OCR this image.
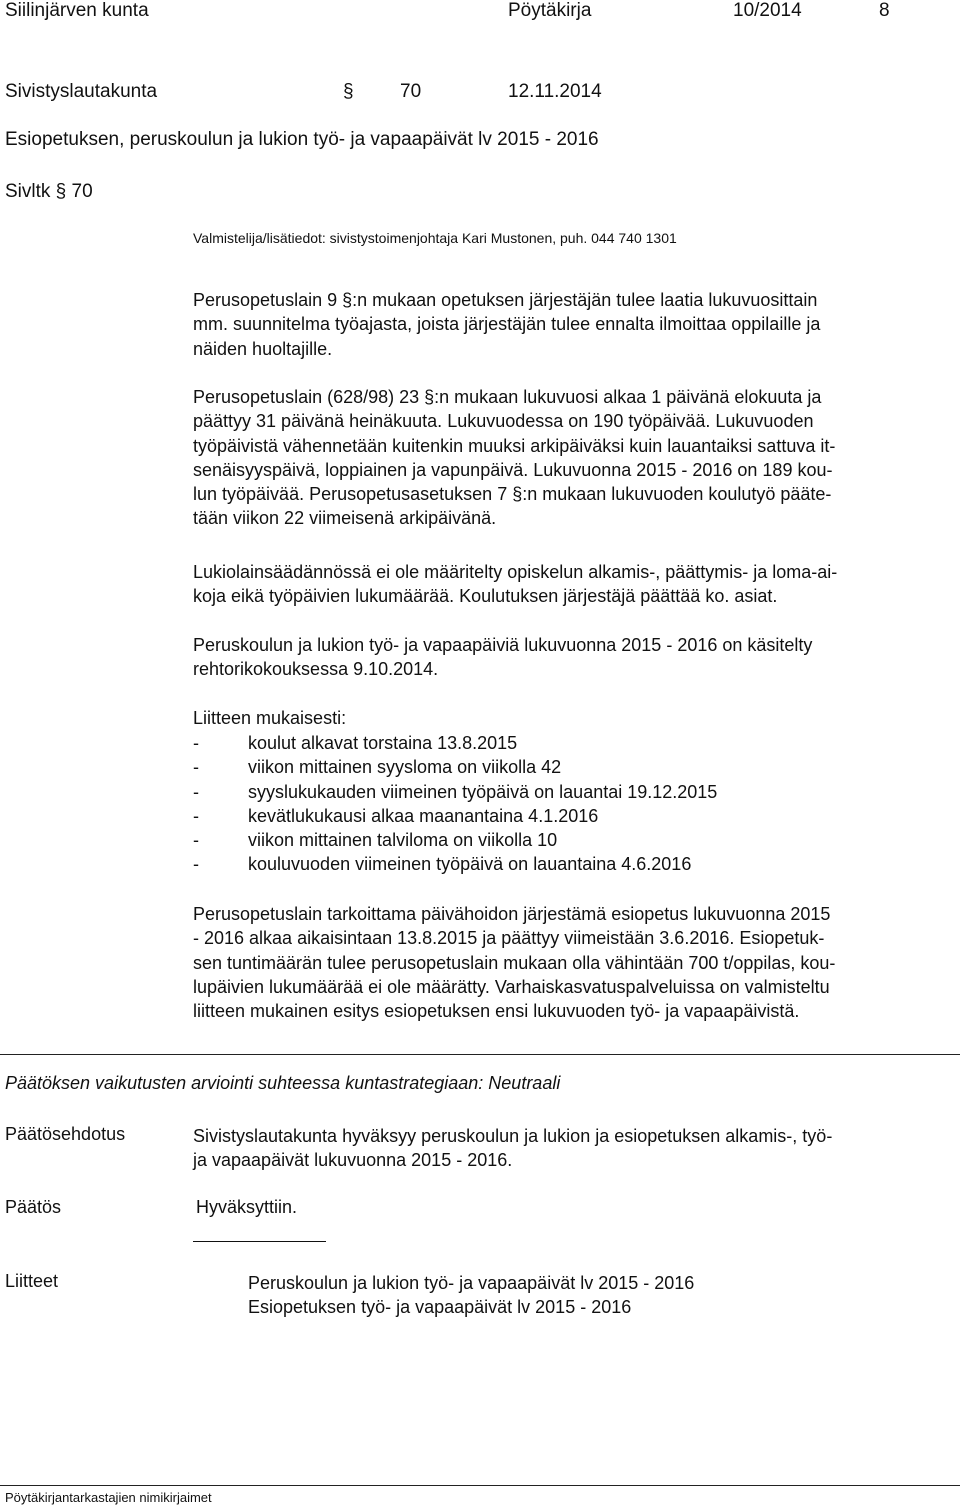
Siilinjärven kunta	Pöytäkirja	10/2014	8
Sivistyslautakunta	§ 70	12.11.2014
Esiopetuksen, peruskoulun ja lukion työ- ja vapaapäivät lv 2015 - 2016
Sivltk § 70
Valmistelija/lisätiedot: sivistystoimenjohtaja Kari Mustonen, puh. 044 740 1301

Perusopetuslain 9 §:n mukaan opetuksen järjestäjän tulee laatia lukuvuosittain

mm. suunnitelma työajasta, joista järjestäjän tulee ennalta ilmoittaa oppilaille ja

näiden huoltajille.

Perusopetuslain (628/98) 23 §:n mukaan lukuvuosi alkaa 1 päivänä elokuuta ja

päättyy 31 päivänä heinäkuuta. Lukuvuodessa on 190 työpäivää. Lukuvuoden

työpäivistä vähennetään kuitenkin muuksi arkipäiväksi kuin lauantaiksi sattuva it-

senäisyyspäivä, loppiainen ja vapunpäivä. Lukuvuonna 2015 - 2016 on 189 kou-

lun työpäivää. Perusopetusasetuksen 7 §:n mukaan lukuvuoden koulutyö pääte-

tään viikon 22 viimeisenä arkipäivänä.

Lukiolainsäädännössä ei ole määritelty opiskelun alkamis-, päättymis- ja loma-ai-

koja eikä työpäivien lukumäärää. Koulutuksen järjestäjä päättää ko. asiat.

Peruskoulun ja lukion työ- ja vapaapäiviä lukuvuonna 2015 - 2016 on käsitelty

rehtorikokouksessa 9.10.2014.

Liitteen mukaisesti:

-	koulut alkavat torstaina 13.8.2015
-	viikon mittainen syysloma on viikolla 42
-	syyslukukauden viimeinen työpäivä on lauantai 19.12.2015
-	kevätlukukausi alkaa maanantaina 4.1.2016
-	viikon mittainen talviloma on viikolla 10
-	kouluvuoden viimeinen työpäivä on lauantaina 4.6.2016

Perusopetuslain tarkoittama päivähoidon järjestämä esiopetus lukuvuonna 2015

- 2016 alkaa aikaisintaan 13.8.2015 ja päättyy viimeistään 3.6.2016. Esiopetuk-

sen tuntimäärän tulee perusopetuslain mukaan olla vähintään 700 t/oppilas, kou-

lupäivien lukumäärää ei ole määrätty. Varhaiskasvatuspalveluissa on valmisteltu

liitteen mukainen esitys esiopetuksen ensi lukuvuoden työ- ja vapaapäivistä.

Päätöksen vaikutusten arviointi suhteessa kuntastrategiaan: Neutraali
Päätösehdotus	Sivistyslautakunta hyväksyy peruskoulun ja lukion ja esiopetuksen alkamis-, työ-

ja vapaapäivät lukuvuonna 2015 - 2016.

Päätös	Hyväksyttiin.
Liitteet	Peruskoulun ja lukion työ- ja vapaapäivät lv 2015 - 2016

Esiopetuksen työ- ja vapaapäivät lv 2015 - 2016

Pöytäkirjantarkastajien nimikirjaimet
